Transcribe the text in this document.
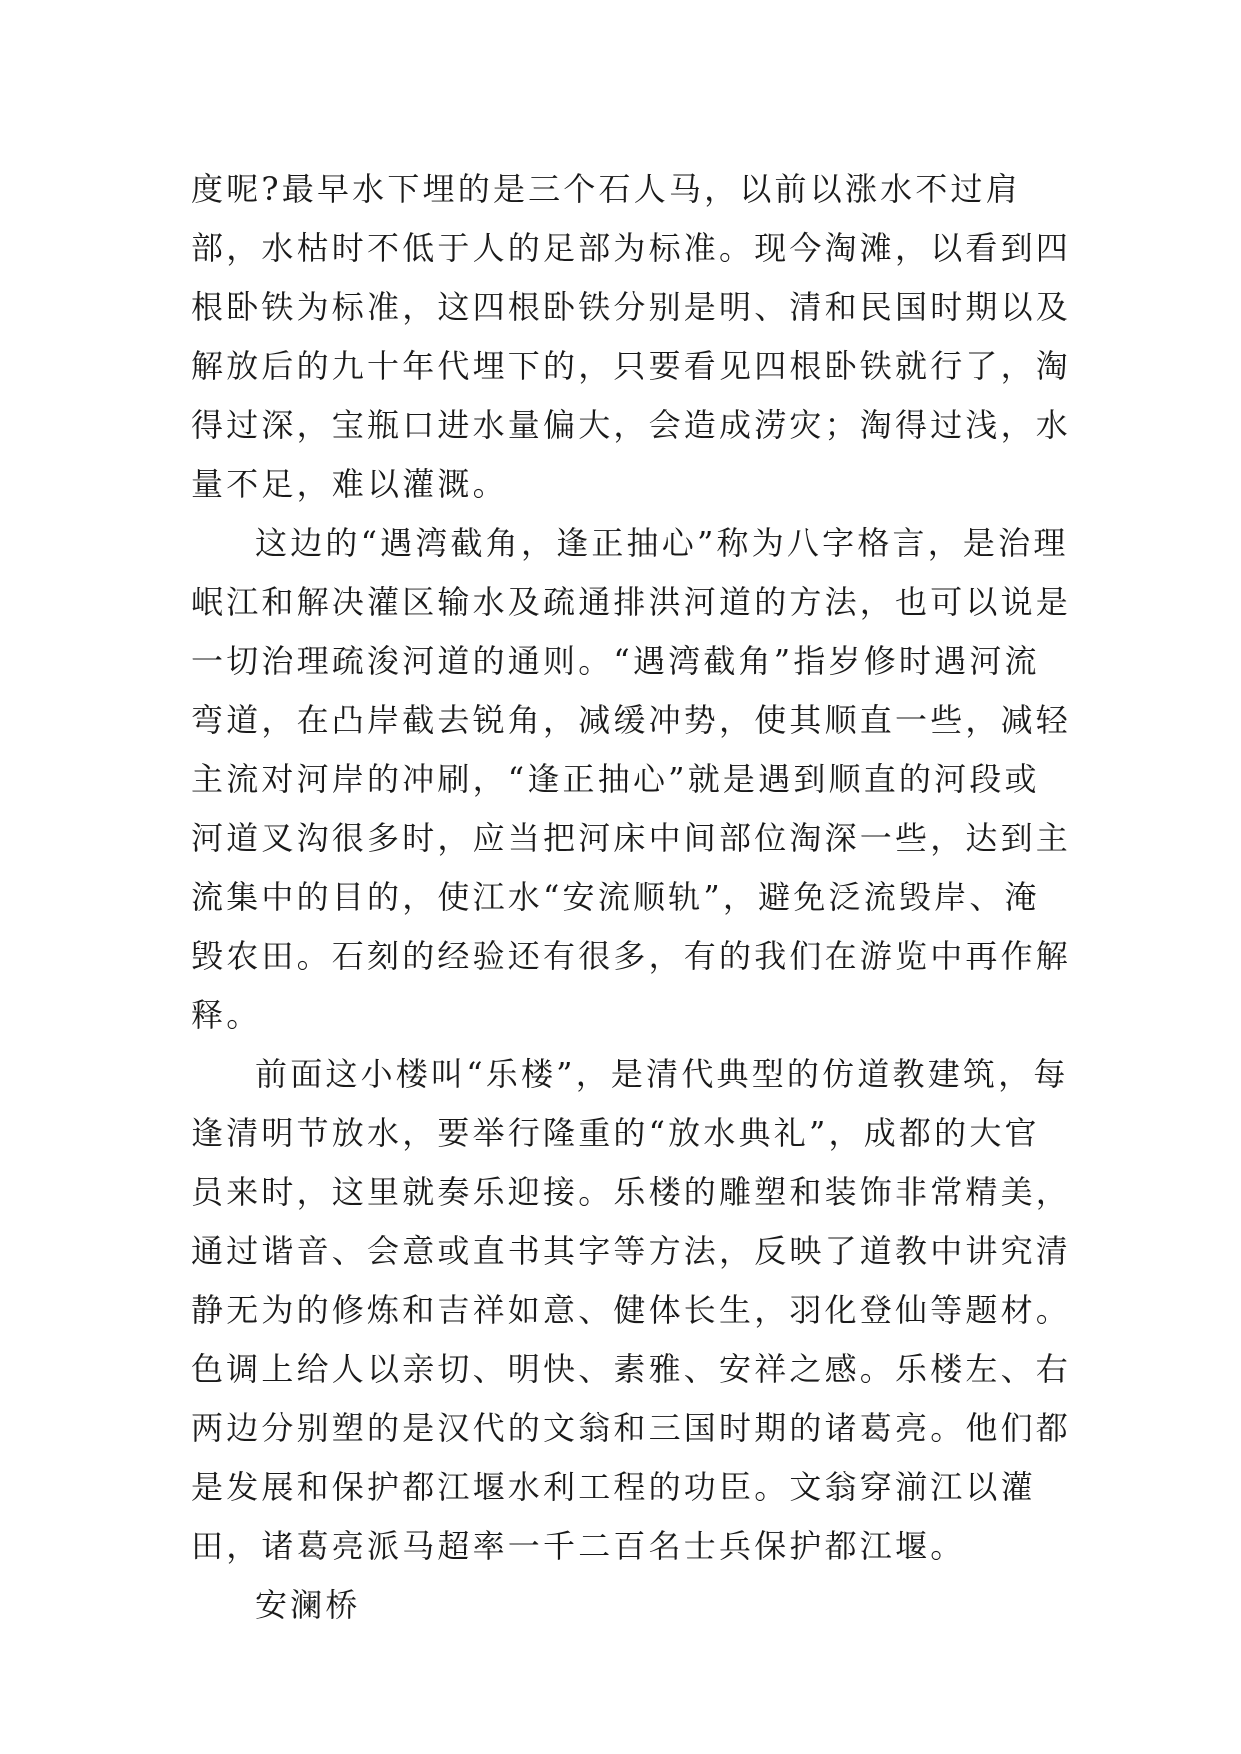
度呢?最早水下埋的是三个石人马，以前以涨水不过肩部，水枯时不低于人的足部为标准。现今淘滩，以看到四根卧铁为标准，这四根卧铁分别是明、清和民国时期以及解放后的九十年代埋下的，只要看见四根卧铁就行了，淘得过深，宝瓶口进水量偏大，会造成涝灾；淘得过浅，水量不足，难以灌溉。

这边的“遇湾截角，逢正抽心”称为八字格言，是治理岷江和解决灌区输水及疏通排洪河道的方法，也可以说是一切治理疏浚河道的通则。“遇湾截角”指岁修时遇河流弯道，在凸岸截去锐角，减缓冲势，使其顺直一些，减轻主流对河岸的冲刷，“逢正抽心”就是遇到顺直的河段或河道叉沟很多时，应当把河床中间部位淘深一些，达到主流集中的目的，使江水“安流顺轨”，避免泛流毁岸、淹毁农田。石刻的经验还有很多，有的我们在游览中再作解释。

前面这小楼叫“乐楼”，是清代典型的仿道教建筑，每逢清明节放水，要举行隆重的“放水典礼”，成都的大官员来时，这里就奏乐迎接。乐楼的雕塑和装饰非常精美，通过谐音、会意或直书其字等方法，反映了道教中讲究清静无为的修炼和吉祥如意、健体长生，羽化登仙等题材。色调上给人以亲切、明快、素雅、安祥之感。乐楼左、右两边分别塑的是汉代的文翁和三国时期的诸葛亮。他们都是发展和保护都江堰水利工程的功臣。文翁穿湔江以灌田，诸葛亮派马超率一千二百名士兵保护都江堰。

安澜桥
